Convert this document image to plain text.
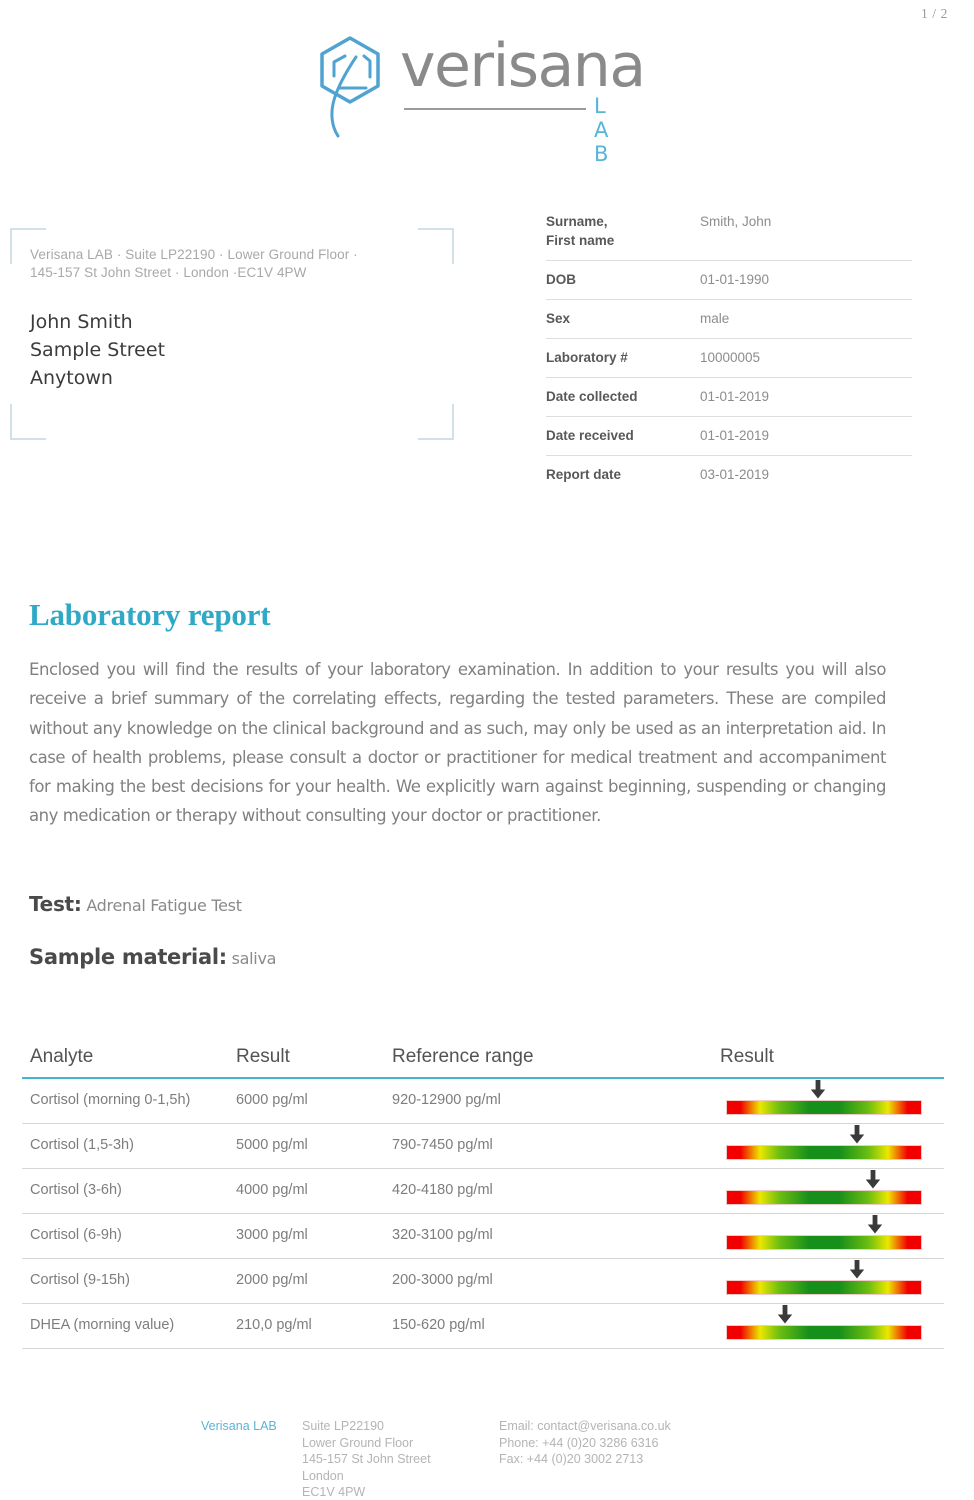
1 / 2
verisana
L A B
Verisana LAB · Suite LP22190 · Lower Ground Floor ·
145-157 St John Street · London ·EC1V 4PW
John Smith
Sample Street
Anytown
Surname,
First name	Smith, John
DOB	01-01-1990
Sex	male
Laboratory #	10000005
Date collected	01-01-2019
Date received	01-01-2019
Report date	03-01-2019
Laboratory report
Enclosed you will find the results of your laboratory examination. In addition to your results you will also receive a brief summary of the correlating effects, regarding the tested parameters. These are compiled without any knowledge on the clinical background and as such, may only be used as an interpretation aid. In case of health problems, please consult a doctor or practitioner for medical treatment and accompaniment for making the best decisions for your health. We explicitly warn against beginning, suspending or changing any medication or therapy without consulting your doctor or practitioner.
Test: Adrenal Fatigue Test
Sample material: saliva
Analyte	Result	Reference range	Result
Cortisol (morning 0-1,5h)	6000 pg/ml	920-12900 pg/ml	

Cortisol (1,5-3h)	5000 pg/ml	790-7450 pg/ml	

Cortisol (3-6h)	4000 pg/ml	420-4180 pg/ml	

Cortisol (6-9h)	3000 pg/ml	320-3100 pg/ml	

Cortisol (9-15h)	2000 pg/ml	200-3000 pg/ml	

DHEA (morning value)	210,0 pg/ml	150-620 pg/ml	
Verisana LAB	Suite LP22190
Lower Ground Floor
145-157 St John Street
London
EC1V 4PW
Email: contact@verisana.co.uk
Phone: +44 (0)20 3286 6316
Fax: +44 (0)20 3002 2713
